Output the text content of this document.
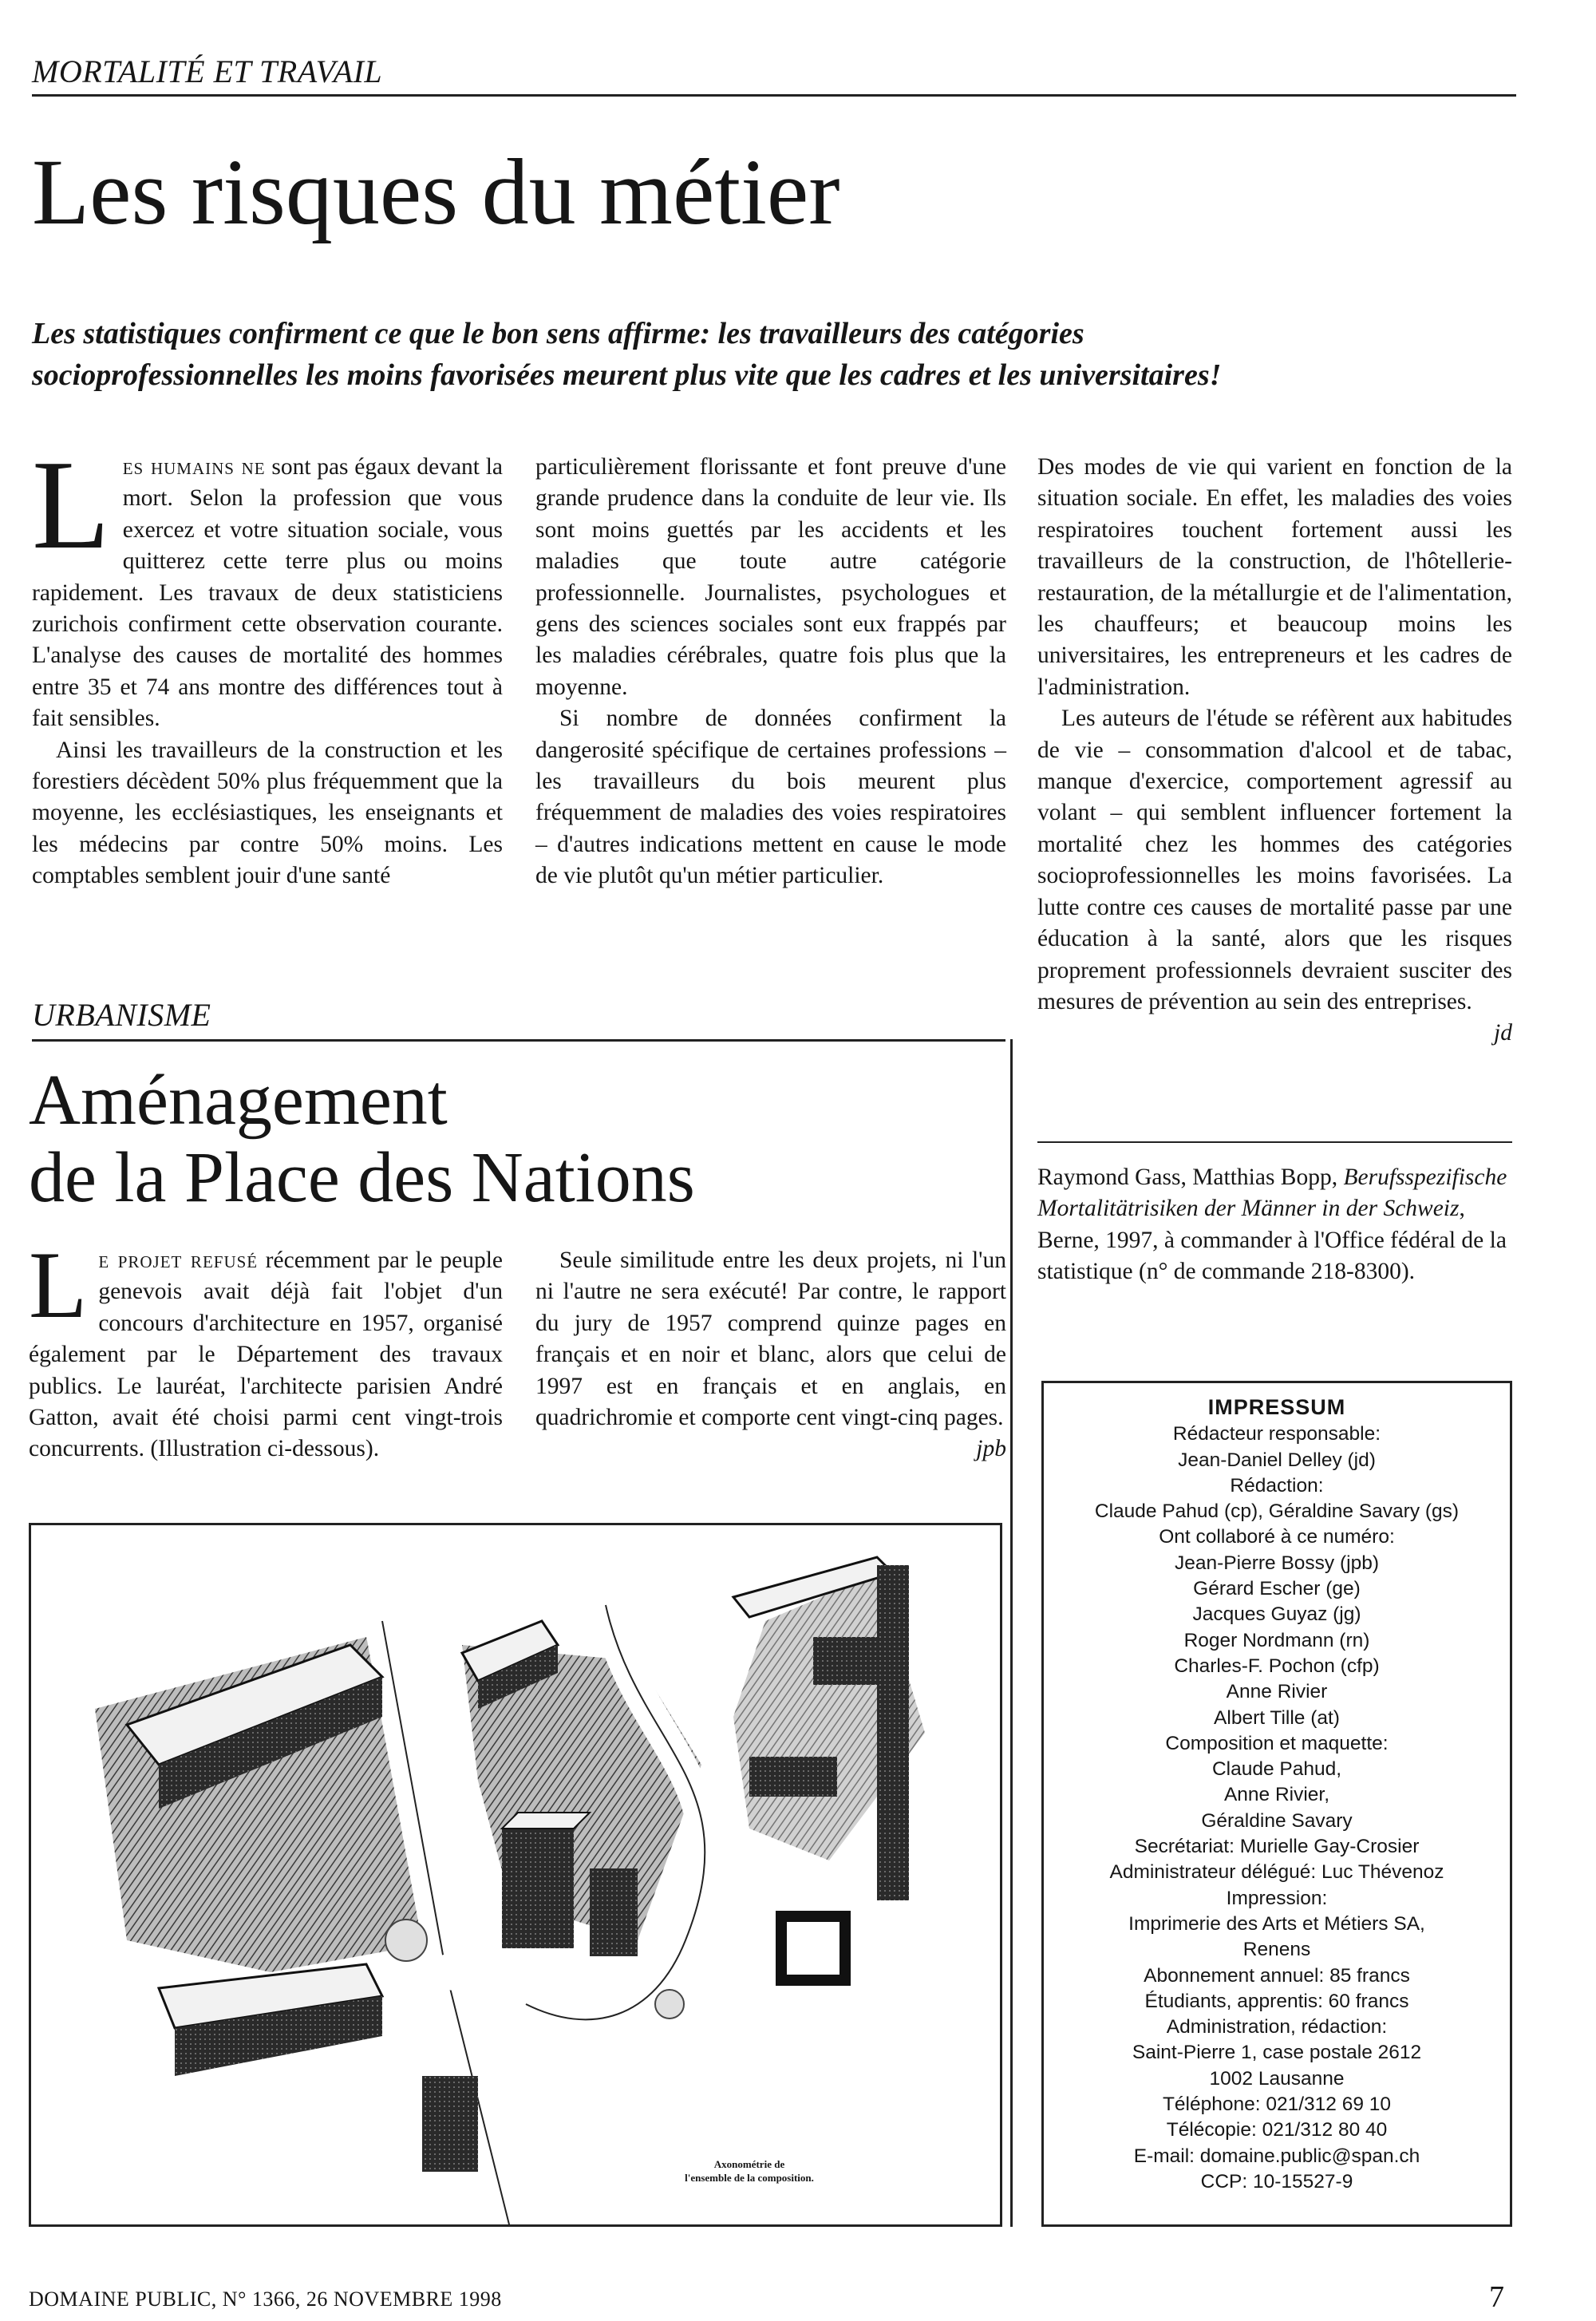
MORTALITÉ ET TRAVAIL
Les risques du métier
Les statistiques confirment ce que le bon sens affirme: les travailleurs des catégories socioprofessionnelles les moins favorisées meurent plus vite que les cadres et les universitaires!

Les humains ne sont pas égaux devant la mort. Selon la profession que vous exercez et votre situation sociale, vous quitterez cette terre plus ou moins rapidement. Les travaux de deux statisticiens zurichois confirment cette observation courante. L'analyse des causes de mortalité des hommes entre 35 et 74 ans montre des différences tout à fait sensibles.

Ainsi les travailleurs de la construction et les forestiers décèdent 50% plus fréquemment que la moyenne, les ecclésiastiques, les enseignants et les médecins par contre 50% moins. Les comptables semblent jouir d'une santé

particulièrement florissante et font preuve d'une grande prudence dans la conduite de leur vie. Ils sont moins guettés par les accidents et les maladies que toute autre catégorie professionnelle. Journalistes, psychologues et gens des sciences sociales sont eux frappés par les maladies cérébrales, quatre fois plus que la moyenne.

Si nombre de données confirment la dangerosité spécifique de certaines professions – les travailleurs du bois meurent plus fréquemment de maladies des voies respiratoires – d'autres indications mettent en cause le mode de vie plutôt qu'un métier particulier.

Des modes de vie qui varient en fonction de la situation sociale. En effet, les maladies des voies respiratoires touchent fortement aussi les travailleurs de la construction, de l'hôtellerie-restauration, de la métallurgie et de l'alimentation, les chauffeurs; et beaucoup moins les universitaires, les entrepreneurs et les cadres de l'administration.

Les auteurs de l'étude se réfèrent aux habitudes de vie – consommation d'alcool et de tabac, manque d'exercice, comportement agressif au volant – qui semblent influencer fortement la mortalité chez les hommes des catégories socioprofessionnelles les moins favorisées. La lutte contre ces causes de mortalité passe par une éducation à la santé, alors que les risques proprement professionnels devraient susciter des mesures de prévention au sein des entreprises.
jd

Raymond Gass, Matthias Bopp, Berufsspezifische Mortalitätrisiken der Männer in der Schweiz, Berne, 1997, à commander à l'Office fédéral de la statistique (n° de commande 218-8300).
URBANISME
Aménagement
de la Place des Nations

Le projet refusé récemment par le peuple genevois avait déjà fait l'objet d'un concours d'architecture en 1957, organisé également par le Département des travaux publics. Le lauréat, l'architecte parisien André Gatton, avait été choisi parmi cent vingt-trois concurrents. (Illustration ci-dessous).

Seule similitude entre les deux projets, ni l'un ni l'autre ne sera exécuté! Par contre, le rapport du jury de 1957 comprend quinze pages en français et en noir et blanc, alors que celui de 1997 est en français et en anglais, en quadrichromie et comporte cent vingt-cinq pages.
jpb

Axonométrie de
l'ensemble de la composition.
IMPRESSUM
Rédacteur responsable:
Jean-Daniel Delley (jd)
Rédaction:
Claude Pahud (cp), Géraldine Savary (gs)
Ont collaboré à ce numéro:
Jean-Pierre Bossy (jpb)
Gérard Escher (ge)
Jacques Guyaz (jg)
Roger Nordmann (rn)
Charles-F. Pochon (cfp)
Anne Rivier
Albert Tille (at)
Composition et maquette:
Claude Pahud,
Anne Rivier,
Géraldine Savary
Secrétariat: Murielle Gay-Crosier
Administrateur délégué: Luc Thévenoz
Impression:
Imprimerie des Arts et Métiers SA,
Renens
Abonnement annuel: 85 francs
Étudiants, apprentis: 60 francs
Administration, rédaction:
Saint-Pierre 1, case postale 2612
1002 Lausanne
Téléphone: 021/312 69 10
Télécopie: 021/312 80 40
E-mail: domaine.public@span.ch
CCP: 10-15527-9
DOMAINE PUBLIC, N° 1366, 26 NOVEMBRE 1998	7
